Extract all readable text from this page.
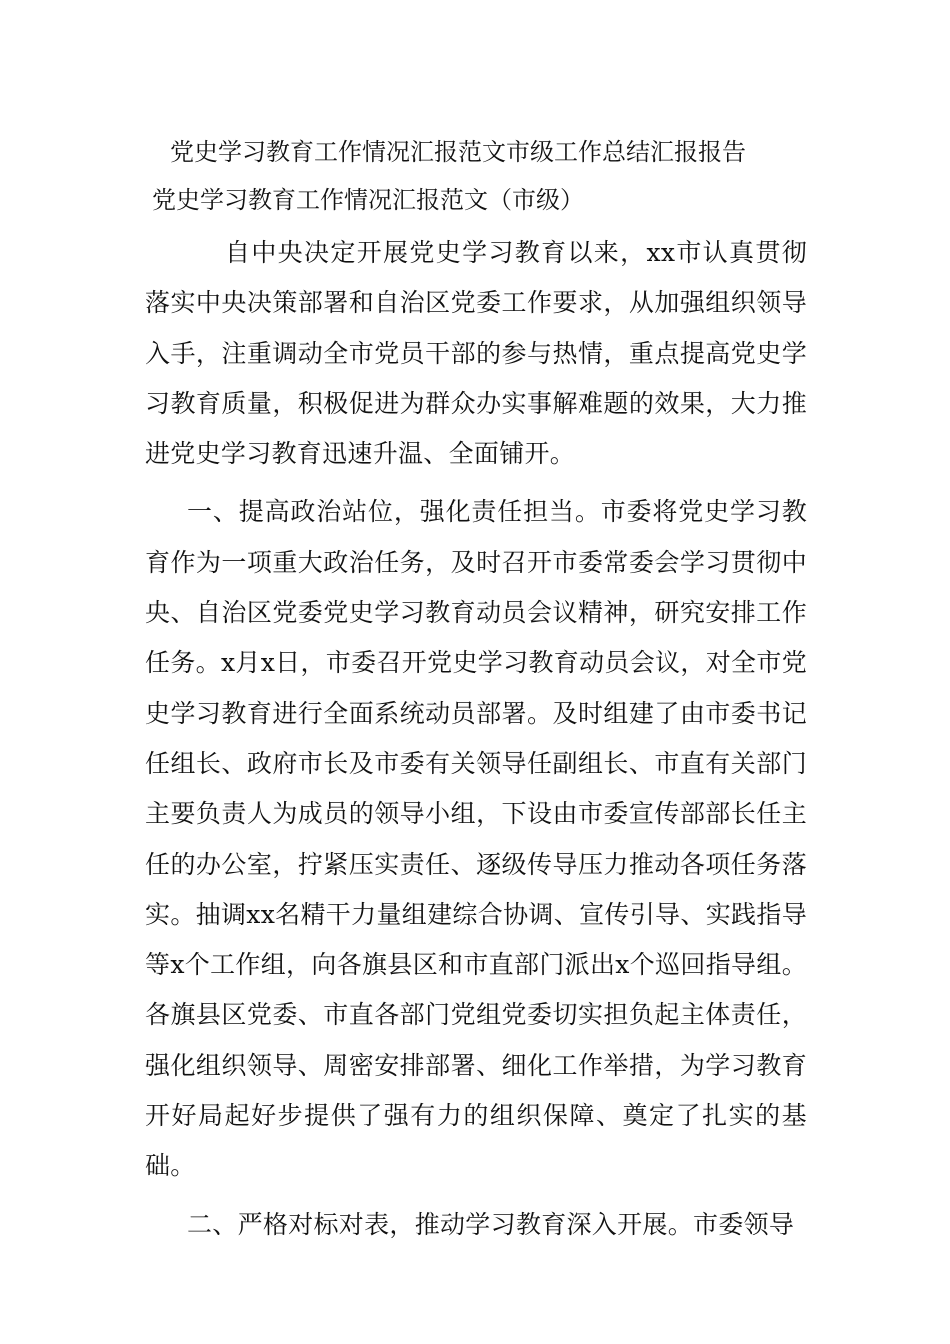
党史学习教育工作情况汇报范文市级工作总结汇报报告
党史学习教育工作情况汇报范文（市级）

自中央决定开展党史学习教育以来，xx市认真贯彻落实中央决策部署和自治区党委工作要求，从加强组织领导入手，注重调动全市党员干部的参与热情，重点提高党史学习教育质量，积极促进为群众办实事解难题的效果，大力推进党史学习教育迅速升温、全面铺开。

一、提高政治站位，强化责任担当。市委将党史学习教育作为一项重大政治任务，及时召开市委常委会学习贯彻中央、自治区党委党史学习教育动员会议精神，研究安排工作任务。x月x日，市委召开党史学习教育动员会议，对全市党史学习教育进行全面系统动员部署。及时组建了由市委书记任组长、政府市长及市委有关领导任副组长、市直有关部门主要负责人为成员的领导小组，下设由市委宣传部部长任主任的办公室，拧紧压实责任、逐级传导压力推动各项任务落实。抽调xx名精干力量组建综合协调、宣传引导、实践指导等x个工作组，向各旗县区和市直部门派出x个巡回指导组。各旗县区党委、市直各部门党组党委切实担负起主体责任，强化组织领导、周密安排部署、细化工作举措，为学习教育开好局起好步提供了强有力的组织保障、奠定了扎实的基础。

二、严格对标对表，推动学习教育深入开展。市委领导
